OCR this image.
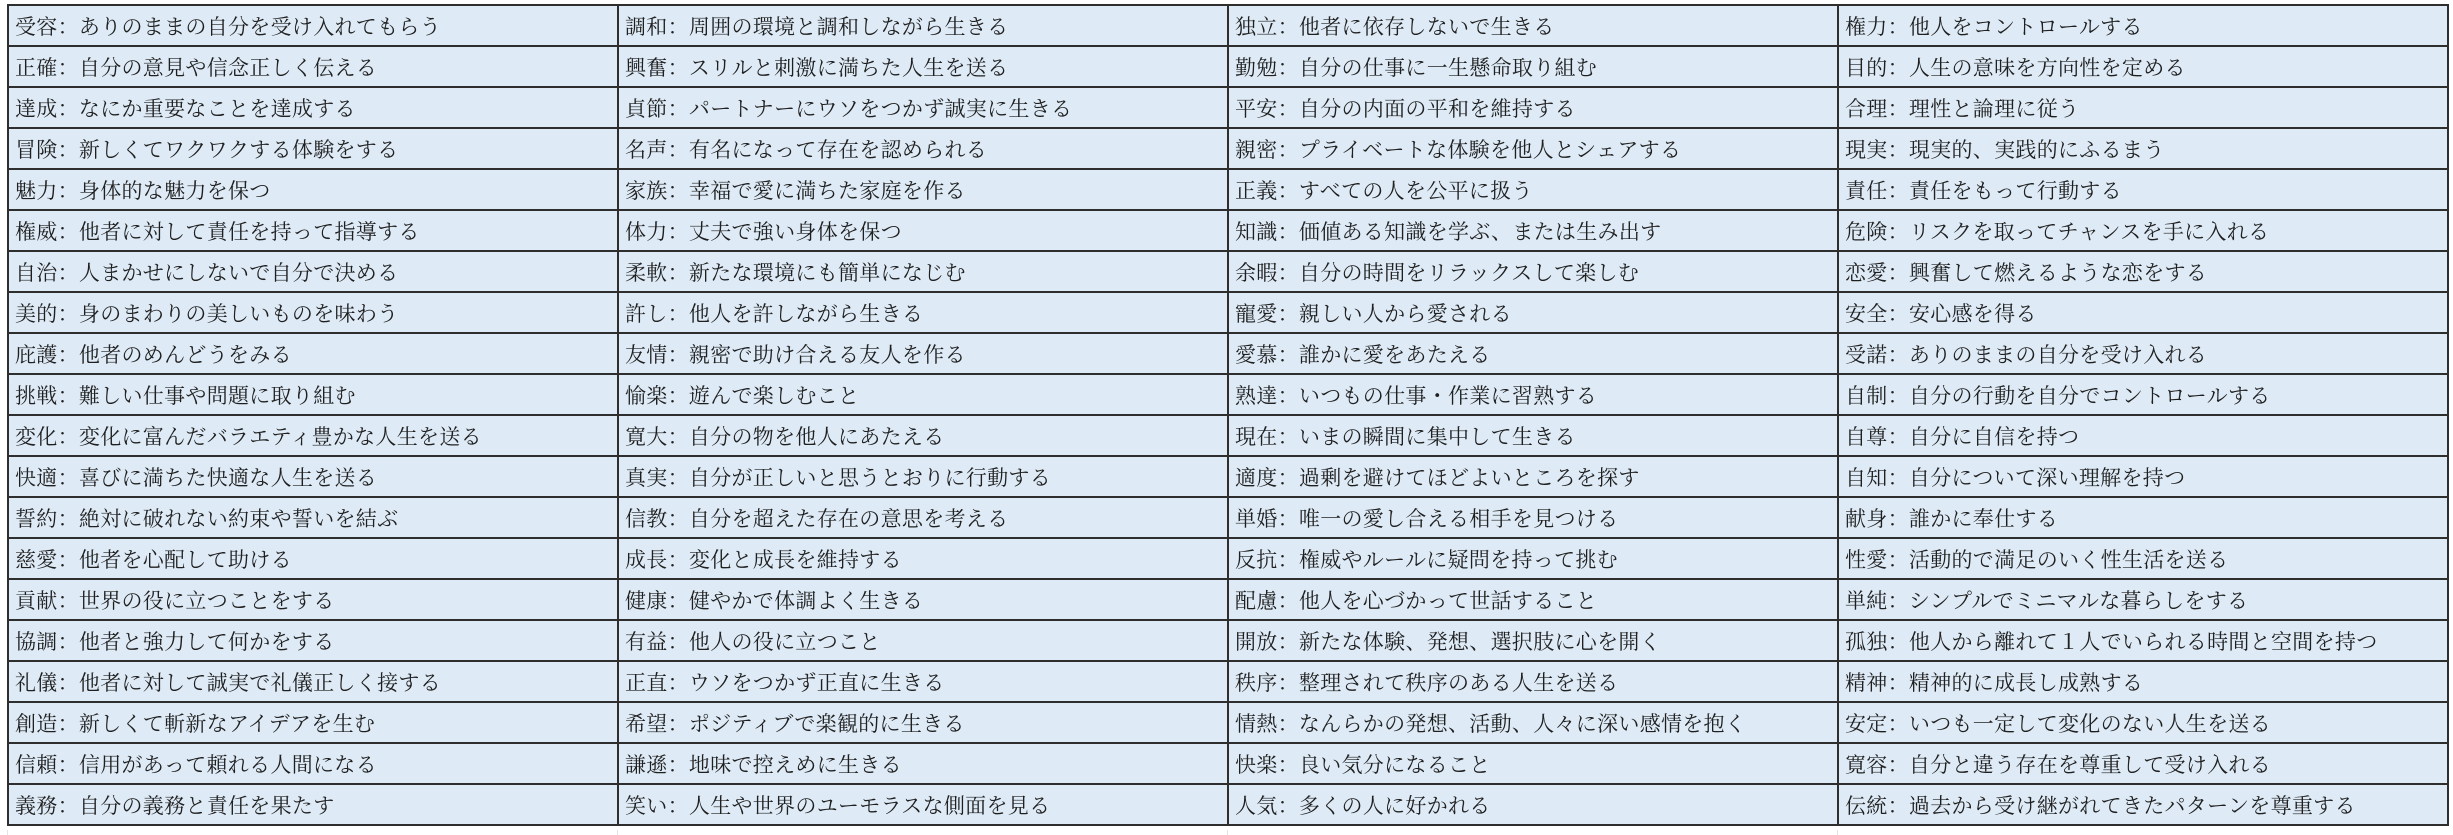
受容：ありのままの自分を受け入れてもらう	調和：周囲の環境と調和しながら生きる	独立：他者に依存しないで生きる	権力：他人をコントロールする
正確：自分の意見や信念正しく伝える	興奮：スリルと刺激に満ちた人生を送る	勤勉：自分の仕事に一生懸命取り組む	目的：人生の意味を方向性を定める
達成：なにか重要なことを達成する	貞節：パートナーにウソをつかず誠実に生きる	平安：自分の内面の平和を維持する	合理：理性と論理に従う
冒険：新しくてワクワクする体験をする	名声：有名になって存在を認められる	親密：プライベートな体験を他人とシェアする	現実：現実的、実践的にふるまう
魅力：身体的な魅力を保つ	家族：幸福で愛に満ちた家庭を作る	正義：すべての人を公平に扱う	責任：責任をもって行動する
権威：他者に対して責任を持って指導する	体力：丈夫で強い身体を保つ	知識：価値ある知識を学ぶ、または生み出す	危険：リスクを取ってチャンスを手に入れる
自治：人まかせにしないで自分で決める	柔軟：新たな環境にも簡単になじむ	余暇：自分の時間をリラックスして楽しむ	恋愛：興奮して燃えるような恋をする
美的：身のまわりの美しいものを味わう	許し：他人を許しながら生きる	寵愛：親しい人から愛される	安全：安心感を得る
庇護：他者のめんどうをみる	友情：親密で助け合える友人を作る	愛慕：誰かに愛をあたえる	受諾：ありのままの自分を受け入れる
挑戦：難しい仕事や問題に取り組む	愉楽：遊んで楽しむこと	熟達：いつもの仕事・作業に習熟する	自制：自分の行動を自分でコントロールする
変化：変化に富んだバラエティ豊かな人生を送る	寛大：自分の物を他人にあたえる	現在：いまの瞬間に集中して生きる	自尊：自分に自信を持つ
快適：喜びに満ちた快適な人生を送る	真実：自分が正しいと思うとおりに行動する	適度：過剰を避けてほどよいところを探す	自知：自分について深い理解を持つ
誓約：絶対に破れない約束や誓いを結ぶ	信教：自分を超えた存在の意思を考える	単婚：唯一の愛し合える相手を見つける	献身：誰かに奉仕する
慈愛：他者を心配して助ける	成長：変化と成長を維持する	反抗：権威やルールに疑問を持って挑む	性愛：活動的で満足のいく性生活を送る
貢献：世界の役に立つことをする	健康：健やかで体調よく生きる	配慮：他人を心づかって世話すること	単純：シンプルでミニマルな暮らしをする
協調：他者と強力して何かをする	有益：他人の役に立つこと	開放：新たな体験、発想、選択肢に心を開く	孤独：他人から離れて１人でいられる時間と空間を持つ
礼儀：他者に対して誠実で礼儀正しく接する	正直：ウソをつかず正直に生きる	秩序：整理されて秩序のある人生を送る	精神：精神的に成長し成熟する
創造：新しくて斬新なアイデアを生む	希望：ポジティブで楽観的に生きる	情熱：なんらかの発想、活動、人々に深い感情を抱く	安定：いつも一定して変化のない人生を送る
信頼：信用があって頼れる人間になる	謙遜：地味で控えめに生きる	快楽：良い気分になること	寛容：自分と違う存在を尊重して受け入れる
義務：自分の義務と責任を果たす	笑い：人生や世界のユーモラスな側面を見る	人気：多くの人に好かれる	伝統：過去から受け継がれてきたパターンを尊重する
